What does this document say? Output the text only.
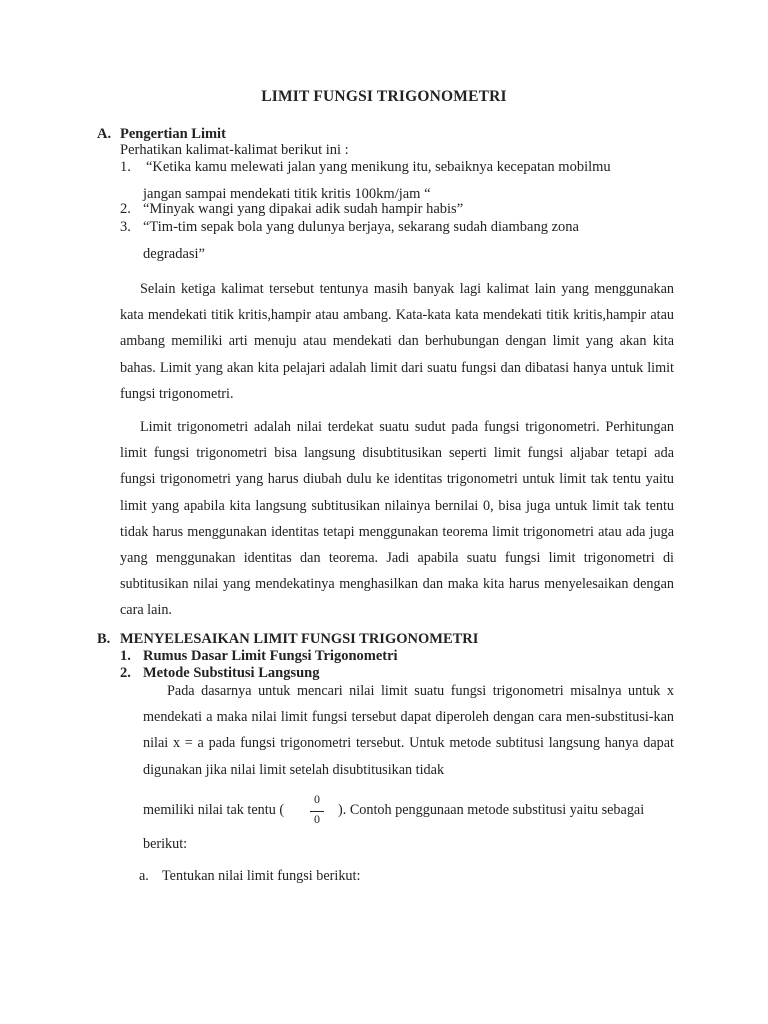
LIMIT FUNGSI TRIGONOMETRI
A. Pengertian Limit
Perhatikan kalimat-kalimat berikut ini :
1. “Ketika kamu melewati jalan yang menikung itu, sebaiknya kecepatan mobilmu
jangan sampai mendekati titik kritis 100km/jam “
2. “Minyak wangi yang dipakai adik sudah hampir habis”
3. “Tim-tim sepak bola yang dulunya berjaya, sekarang sudah diambang zona
degradasi”
Selain ketiga kalimat tersebut tentunya masih banyak lagi kalimat lain yang menggunakan kata mendekati titik kritis,hampir atau ambang. Kata-kata kata mendekati titik kritis,hampir atau ambang memiliki arti menuju atau mendekati dan berhubungan dengan limit yang akan kita bahas. Limit yang akan kita pelajari adalah limit dari suatu fungsi dan dibatasi hanya untuk limit fungsi trigonometri.
Limit trigonometri adalah nilai terdekat suatu sudut pada fungsi trigonometri. Perhitungan limit fungsi trigonometri bisa langsung disubtitusikan seperti limit fungsi aljabar tetapi ada fungsi trigonometri yang harus diubah dulu ke identitas trigonometri untuk limit tak tentu yaitu limit yang apabila kita langsung subtitusikan nilainya bernilai 0, bisa juga untuk limit tak tentu tidak harus menggunakan identitas tetapi menggunakan teorema limit trigonometri atau ada juga yang menggunakan identitas dan teorema. Jadi apabila suatu fungsi limit trigonometri di subtitusikan nilai yang mendekatinya menghasilkan dan maka kita harus menyelesaikan dengan cara lain.
B. MENYELESAIKAN LIMIT FUNGSI TRIGONOMETRI
1. Rumus Dasar Limit Fungsi Trigonometri
2. Metode Substitusi Langsung
Pada dasarnya untuk mencari nilai limit suatu fungsi trigonometri misalnya untuk x mendekati a maka nilai limit fungsi tersebut dapat diperoleh dengan cara men-substitusi-kan nilai x = a pada fungsi trigonometri tersebut. Untuk metode subtitusi langsung hanya dapat digunakan jika nilai limit setelah disubtitusikan tidak
memiliki nilai tak tentu (
0
0
). Contoh penggunaan metode substitusi yaitu sebagai
berikut:
a. Tentukan nilai limit fungsi berikut:
